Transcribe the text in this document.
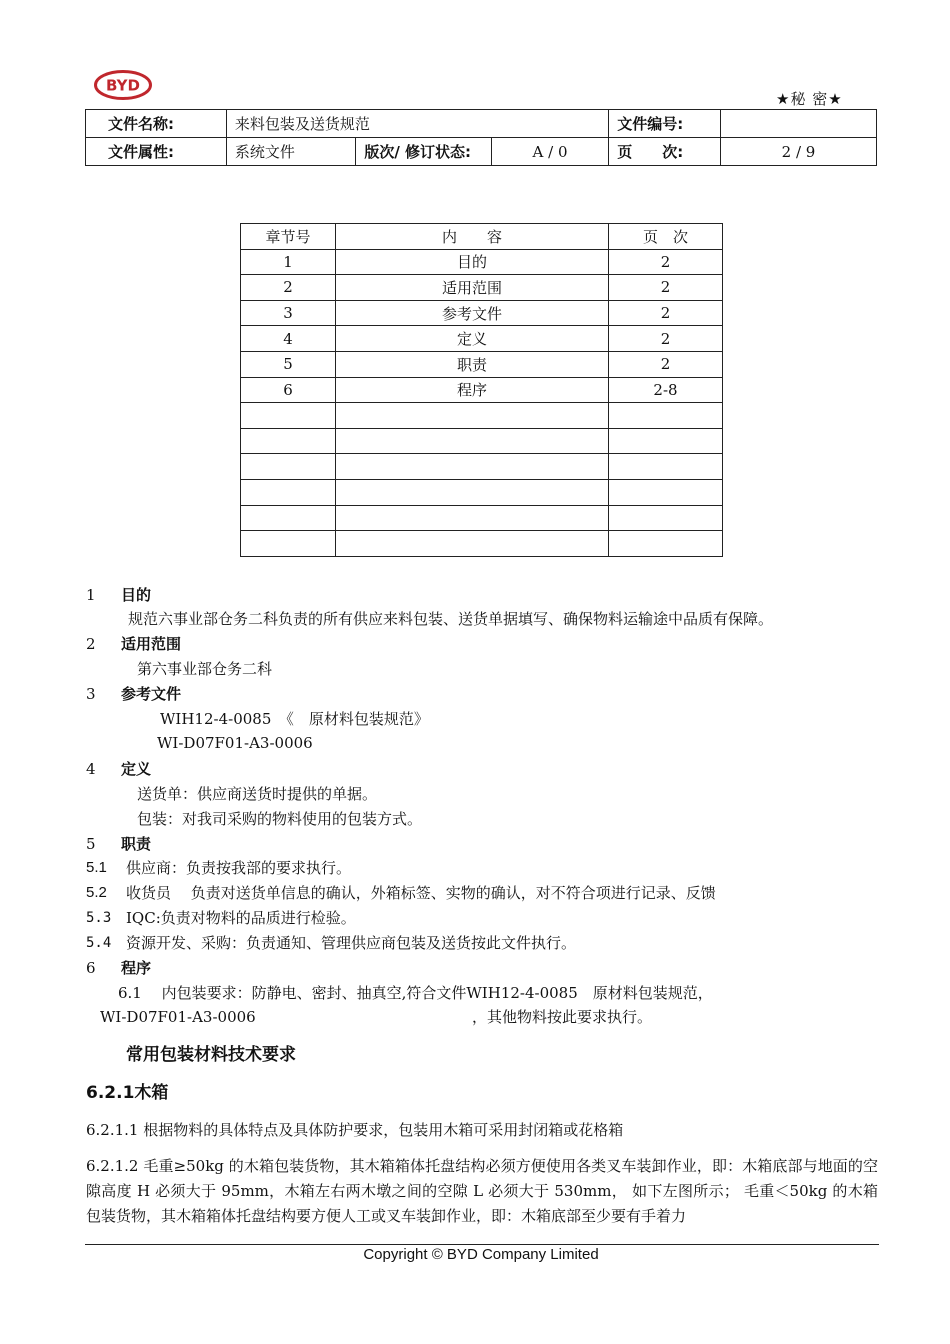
BYD
★秘 密★
文件名称:	来料包装及送货规范			文件编号:	
文件属性:	系统文件	版次/ 修订状态:	A / 0	页　　次:	2 / 9
章节号	内　　容	页　次
1	目的	2
2	适用范围	2
3	参考文件	2
4	定义	2
5	职责	2
6	程序	2-8

1 目的
规范六事业部仓务二科负责的所有供应来料包装、送货单据填写、确保物料运输途中品质有保障。
2 适用范围
第六事业部仓务二科
3 参考文件
WIH12-4-0085　《　原材料包装规范》
WI-D07F01-A3-0006
4 定义
送货单：供应商送货时提供的单据。
包装：对我司采购的物料使用的包装方式。
5 职责
5.1 供应商：负责按我部的要求执行。
5.2 收货员　 负责对送货单信息的确认，外箱标签、实物的确认，对不符合项进行记录、反馈
5.3 IQC:负责对物料的品质进行检验。
5.4 资源开发、采购：负责通知、管理供应商包装及送货按此文件执行。
6 程序
6.1　 内包装要求：防静电、密封、抽真空,符合文件WIH12-4-0085　原材料包装规范，
WI-D07F01-A3-0006	，其他物料按此要求执行。
常用包装材料技术要求
6.2.1木箱
6.2.1.1 根据物料的具体特点及具体防护要求，包装用木箱可采用封闭箱或花格箱
6.2.1.2 毛重≥50kg 的木箱包装货物，其木箱箱体托盘结构必须方便使用各类叉车装卸作业，即：木箱底部与地面的空隙高度 H 必须大于 95mm，木箱左右两木墩之间的空隙 L 必须大于 530mm， 如下左图所示； 毛重＜50kg 的木箱包装货物，其木箱箱体托盘结构要方便人工或叉车装卸作业，即：木箱底部至少要有手着力
Copyright © BYD Company Limited
